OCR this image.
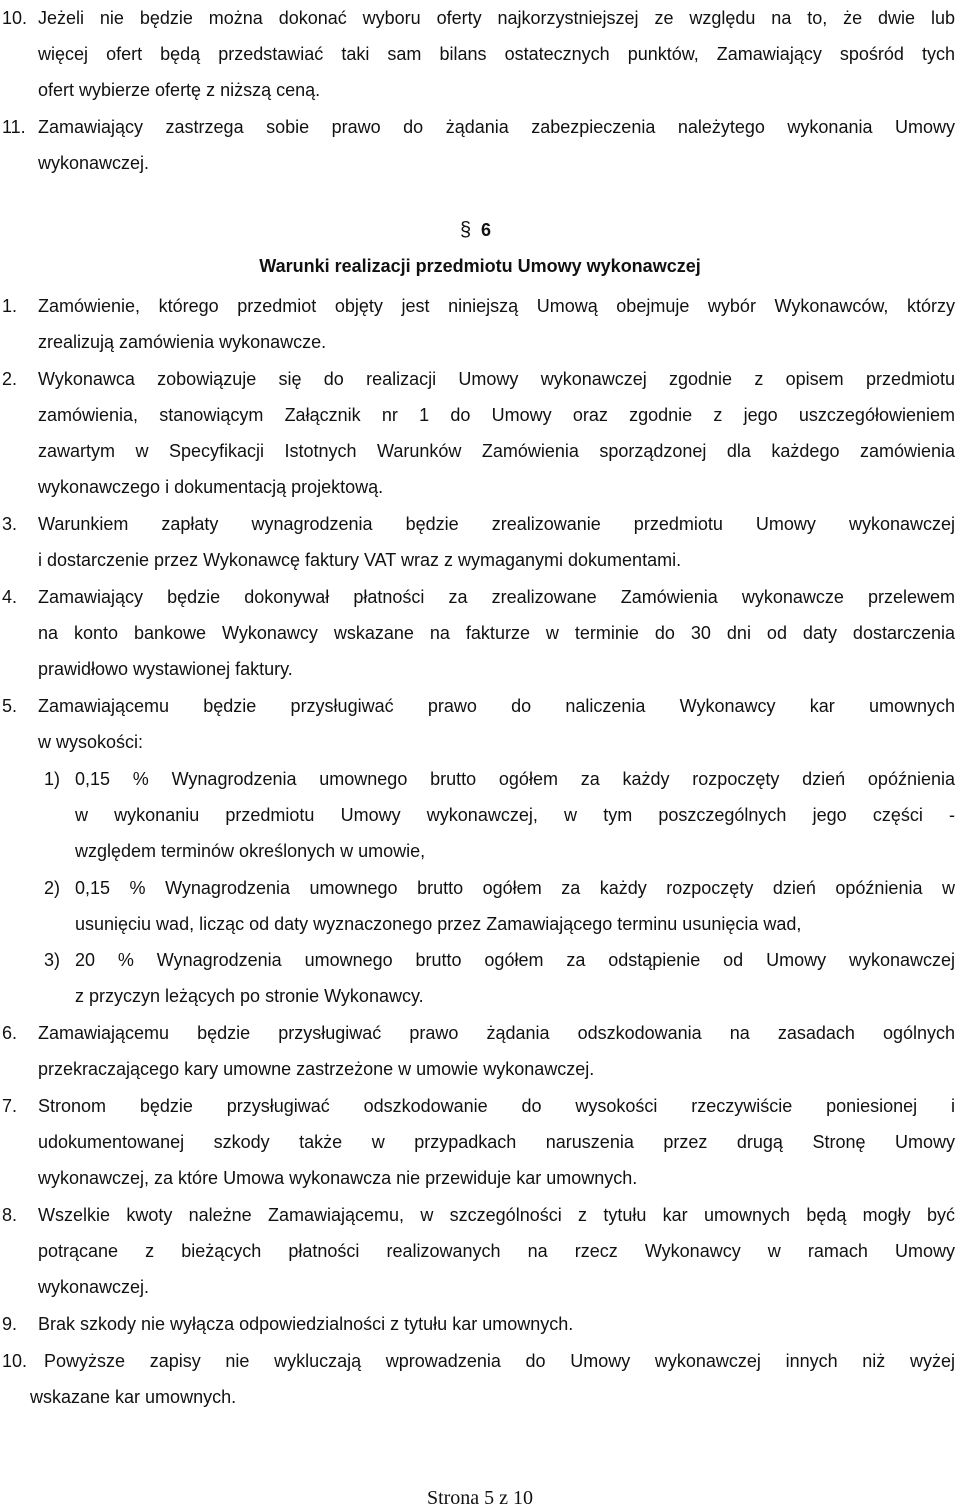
10. Jeżeli nie będzie można dokonać wyboru oferty najkorzystniejszej ze względu na to, że dwie lub
więcej ofert będą przedstawiać taki sam bilans ostatecznych punktów, Zamawiający spośród tych
ofert wybierze ofertę z niższą ceną.
11. Zamawiający zastrzega sobie prawo do żądania zabezpieczenia należytego wykonania Umowy
wykonawczej.
§ 6
Warunki realizacji przedmiotu Umowy wykonawczej
1.	Zamówienie, którego przedmiot objęty jest niniejszą Umową obejmuje wybór Wykonawców, którzy
zrealizują zamówienia wykonawcze.
2.	Wykonawca zobowiązuje się do realizacji Umowy wykonawczej zgodnie z opisem przedmiotu
zamówienia, stanowiącym Załącznik nr 1 do Umowy oraz zgodnie z jego uszczegółowieniem
zawartym w Specyfikacji Istotnych Warunków Zamówienia sporządzonej dla każdego zamówienia
wykonawczego i dokumentacją projektową.
3.	Warunkiem zapłaty wynagrodzenia będzie zrealizowanie przedmiotu Umowy wykonawczej
i dostarczenie przez Wykonawcę faktury VAT wraz z wymaganymi dokumentami.
4.	Zamawiający będzie dokonywał płatności za zrealizowane Zamówienia wykonawcze przelewem
na konto bankowe Wykonawcy wskazane na fakturze w terminie do 30 dni od daty dostarczenia
prawidłowo wystawionej faktury.
5.	Zamawiającemu będzie przysługiwać prawo do naliczenia Wykonawcy kar umownych
w wysokości:
1) 0,15 % Wynagrodzenia umownego brutto ogółem za każdy rozpoczęty dzień opóźnienia
w wykonaniu przedmiotu Umowy wykonawczej, w tym poszczególnych jego części -
względem terminów określonych w umowie,
2) 0,15 % Wynagrodzenia umownego brutto ogółem za każdy rozpoczęty dzień opóźnienia w
usunięciu wad, licząc od daty wyznaczonego przez Zamawiającego terminu usunięcia wad,
3) 20 % Wynagrodzenia umownego brutto ogółem za odstąpienie od Umowy wykonawczej
z przyczyn leżących po stronie Wykonawcy.
6.	Zamawiającemu będzie przysługiwać prawo żądania odszkodowania na zasadach ogólnych
przekraczającego kary umowne zastrzeżone w umowie wykonawczej.
7.	Stronom będzie przysługiwać odszkodowanie do wysokości rzeczywiście poniesionej i
udokumentowanej szkody także w przypadkach naruszenia przez drugą Stronę Umowy
wykonawczej, za które Umowa wykonawcza nie przewiduje kar umownych.
8.	Wszelkie kwoty należne Zamawiającemu, w szczególności z tytułu kar umownych będą mogły być
potrącane z bieżących płatności realizowanych na rzecz Wykonawcy w ramach Umowy
wykonawczej.
9.	Brak szkody nie wyłącza odpowiedzialności z tytułu kar umownych.
10. Powyższe zapisy nie wykluczają wprowadzenia do Umowy wykonawczej innych niż wyżej
wskazane kar umownych.
Strona 5 z 10
